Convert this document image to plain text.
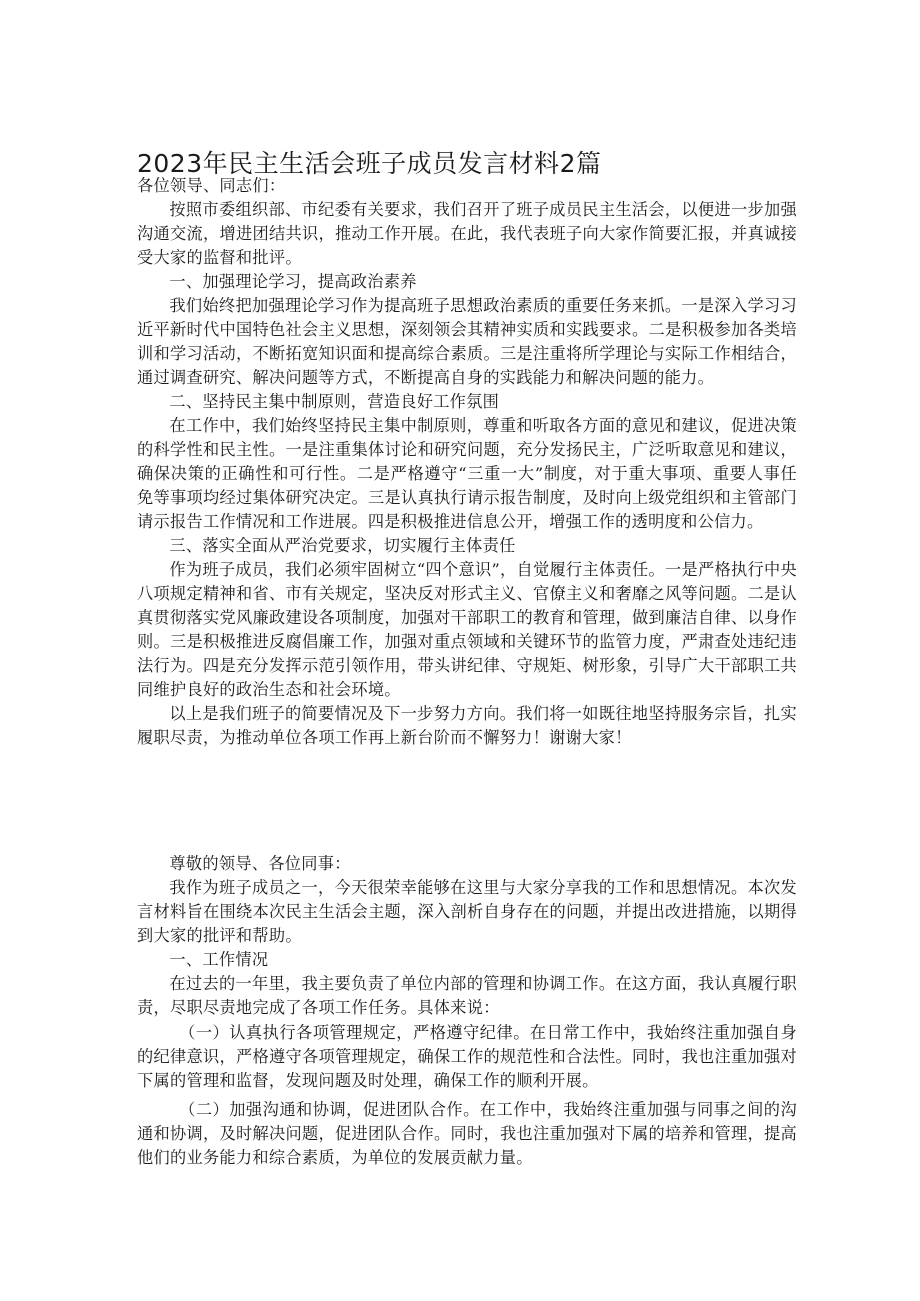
2023年民主生活会班子成员发言材料2篇

各位领导、同志们：

按照市委组织部、市纪委有关要求，我们召开了班子成员民主生活会，以便进一步加强沟通交流，增进团结共识，推动工作开展。在此，我代表班子向大家作简要汇报，并真诚接受大家的监督和批评。

一、加强理论学习，提高政治素养

我们始终把加强理论学习作为提高班子思想政治素质的重要任务来抓。一是深入学习习近平新时代中国特色社会主义思想，深刻领会其精神实质和实践要求。二是积极参加各类培训和学习活动，不断拓宽知识面和提高综合素质。三是注重将所学理论与实际工作相结合，通过调查研究、解决问题等方式，不断提高自身的实践能力和解决问题的能力。

二、坚持民主集中制原则，营造良好工作氛围

在工作中，我们始终坚持民主集中制原则，尊重和听取各方面的意见和建议，促进决策的科学性和民主性。一是注重集体讨论和研究问题，充分发扬民主，广泛听取意见和建议，确保决策的正确性和可行性。二是严格遵守“三重一大”制度，对于重大事项、重要人事任免等事项均经过集体研究决定。三是认真执行请示报告制度，及时向上级党组织和主管部门请示报告工作情况和工作进展。四是积极推进信息公开，增强工作的透明度和公信力。

三、落实全面从严治党要求，切实履行主体责任

作为班子成员，我们必须牢固树立“四个意识”，自觉履行主体责任。一是严格执行中央八项规定精神和省、市有关规定，坚决反对形式主义、官僚主义和奢靡之风等问题。二是认真贯彻落实党风廉政建设各项制度，加强对干部职工的教育和管理，做到廉洁自律、以身作则。三是积极推进反腐倡廉工作，加强对重点领域和关键环节的监管力度，严肃查处违纪违法行为。四是充分发挥示范引领作用，带头讲纪律、守规矩、树形象，引导广大干部职工共同维护良好的政治生态和社会环境。

以上是我们班子的简要情况及下一步努力方向。我们将一如既往地坚持服务宗旨，扎实履职尽责，为推动单位各项工作再上新台阶而不懈努力！谢谢大家！

尊敬的领导、各位同事：

我作为班子成员之一，今天很荣幸能够在这里与大家分享我的工作和思想情况。本次发言材料旨在围绕本次民主生活会主题，深入剖析自身存在的问题，并提出改进措施，以期得到大家的批评和帮助。

一、工作情况

在过去的一年里，我主要负责了单位内部的管理和协调工作。在这方面，我认真履行职责，尽职尽责地完成了各项工作任务。具体来说：

（一）认真执行各项管理规定，严格遵守纪律。在日常工作中，我始终注重加强自身的纪律意识，严格遵守各项管理规定，确保工作的规范性和合法性。同时，我也注重加强对下属的管理和监督，发现问题及时处理，确保工作的顺利开展。

（二）加强沟通和协调，促进团队合作。在工作中，我始终注重加强与同事之间的沟通和协调，及时解决问题，促进团队合作。同时，我也注重加强对下属的培养和管理，提高他们的业务能力和综合素质，为单位的发展贡献力量。
